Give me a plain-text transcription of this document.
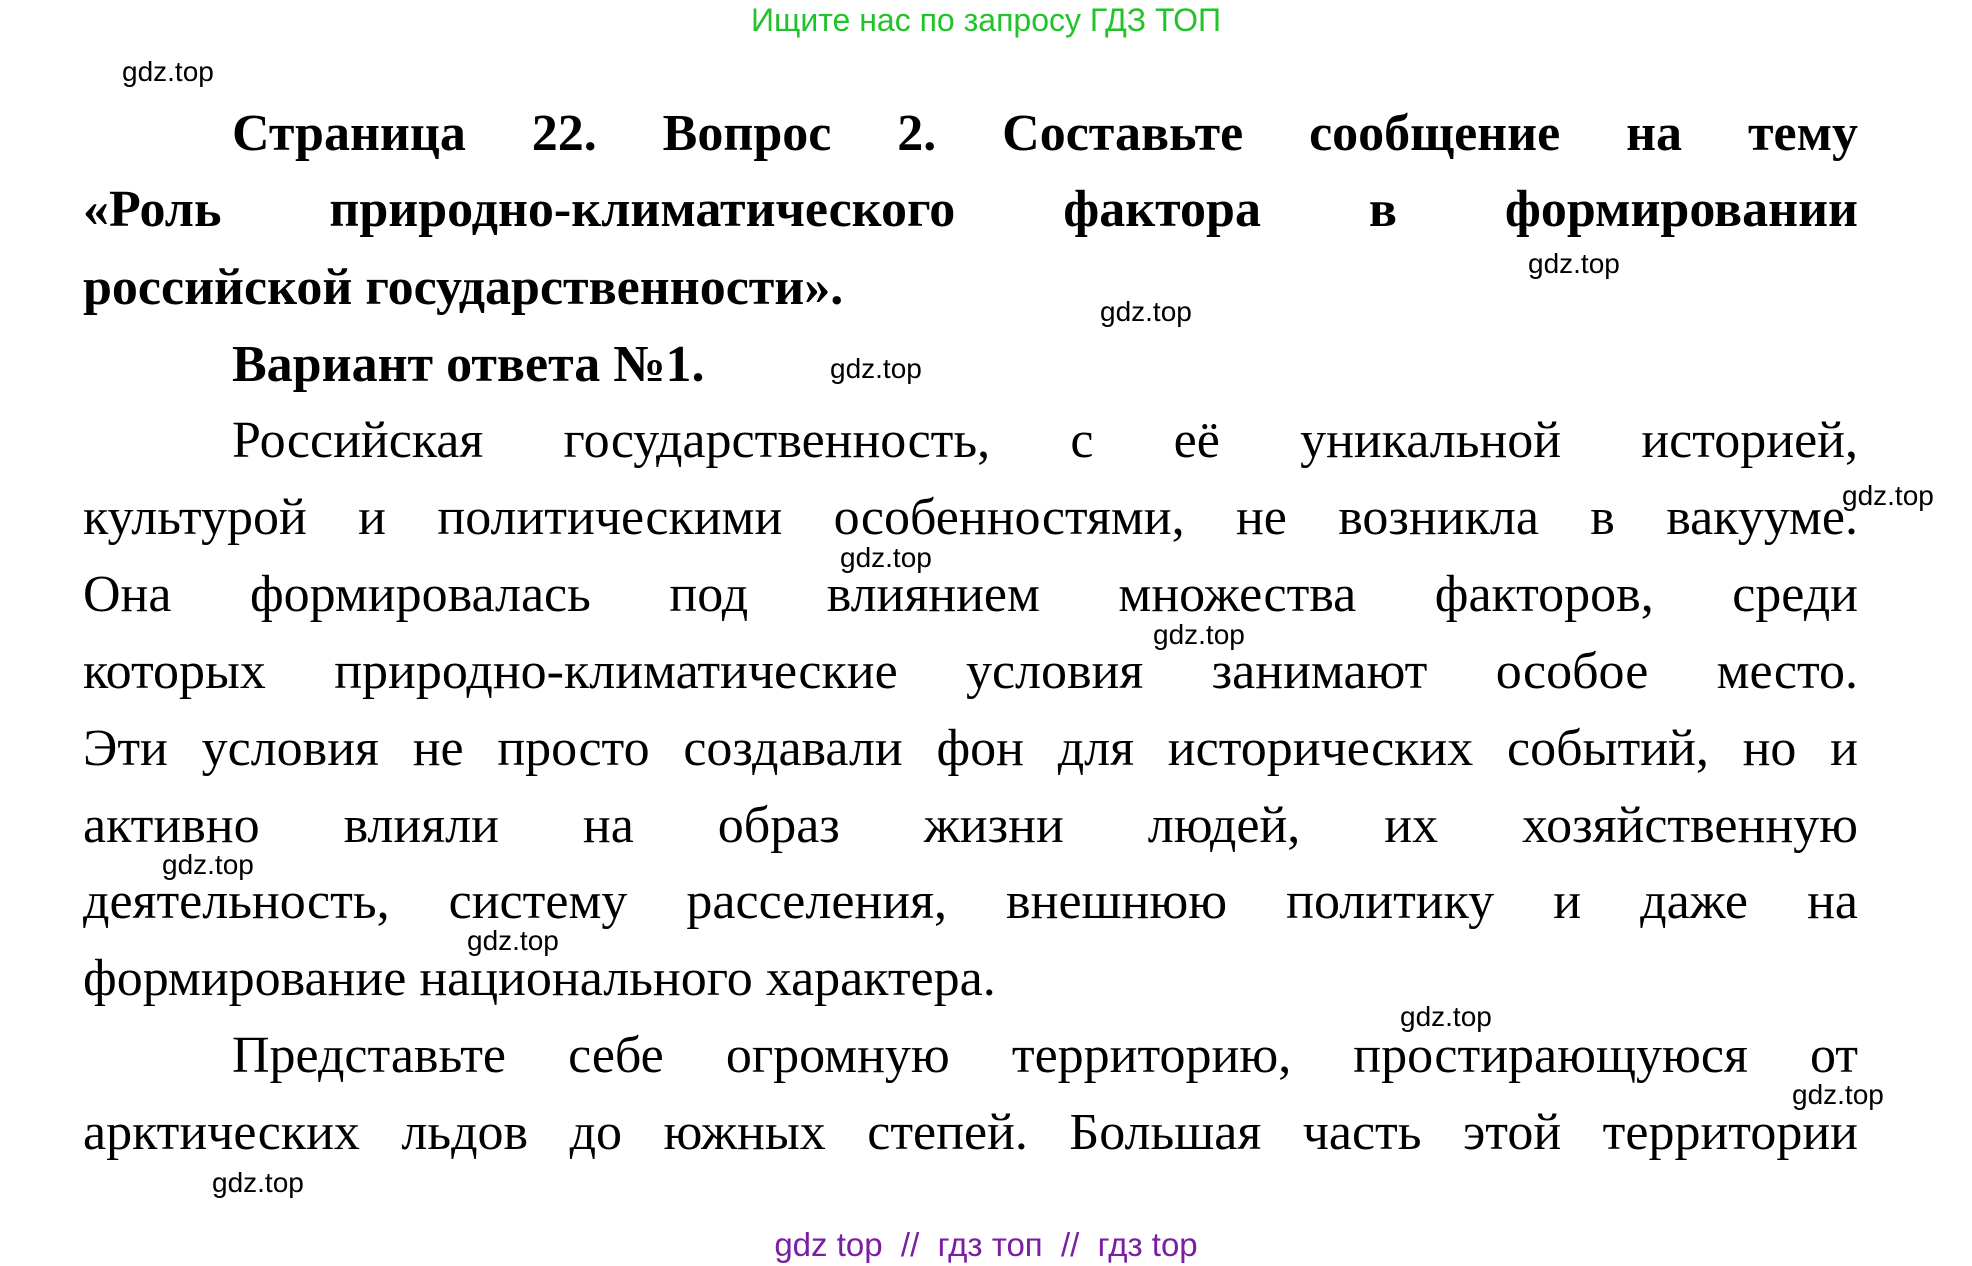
Ищите нас по запросу ГДЗ ТОП
Страница 22. Вопрос 2. Составьте сообщение на тему
«Роль природно-климатического фактора в формировании
российской государственности».
Вариант ответа №1.
Российская государственность, с её уникальной историей,
культурой и политическими особенностями, не возникла в вакууме.
Она формировалась под влиянием множества факторов, среди
которых природно-климатические условия занимают особое место.
Эти условия не просто создавали фон для исторических событий, но и
активно влияли на образ жизни людей, их хозяйственную
деятельность, систему расселения, внешнюю политику и даже на
формирование национального характера.
Представьте себе огромную территорию, простирающуюся от
арктических льдов до южных степей. Большая часть этой территории
gdz.top
gdz.top
gdz.top
gdz.top
gdz.top
gdz.top
gdz.top
gdz.top
gdz.top
gdz.top
gdz.top
gdz.top
gdz top  //  гдз топ  //  гдз top
